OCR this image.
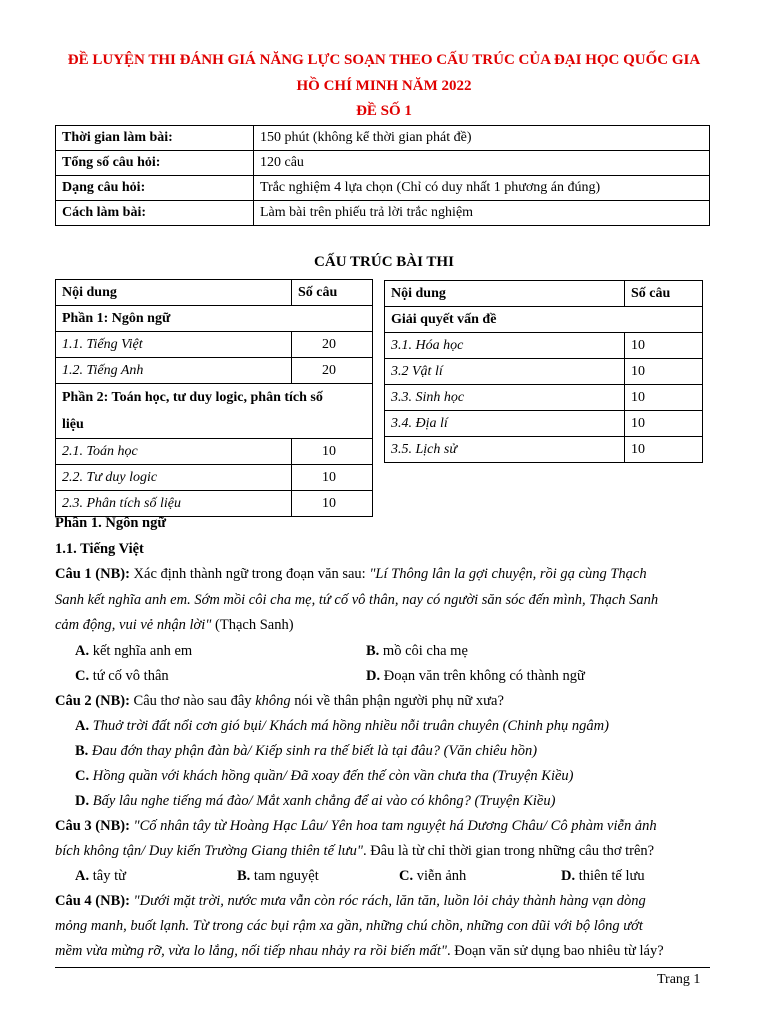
ĐỀ LUYỆN THI ĐÁNH GIÁ NĂNG LỰC SOẠN THEO CẤU TRÚC CỦA ĐẠI HỌC QUỐC GIA
HỒ CHÍ MINH NĂM 2022
ĐỀ SỐ 1
Thời gian làm bài:	150 phút (không kể thời gian phát đề)
Tổng số câu hỏi:	120 câu
Dạng câu hỏi:	Trắc nghiệm 4 lựa chọn (Chỉ có duy nhất 1 phương án đúng)
Cách làm bài:	Làm bài trên phiếu trả lời trắc nghiệm
CẤU TRÚC BÀI THI
Nội dung	Số câu
Phần 1: Ngôn ngữ	
1.1. Tiếng Việt	20
1.2. Tiếng Anh	20

Phần 2: Toán học, tư duy logic, phân tích số
liệu	

2.1. Toán học	10
2.2. Tư duy logic	10
2.3. Phân tích số liệu	10
Nội dung	Số câu
Giải quyết vấn đề	
3.1. Hóa học	10
3.2 Vật lí	10
3.3. Sinh học	10
3.4. Địa lí	10
3.5. Lịch sử	10
Phần 1. Ngôn ngữ
1.1. Tiếng Việt
Câu 1 (NB): Xác định thành ngữ trong đoạn văn sau: "Lí Thông lân la gợi chuyện, rồi gạ cùng Thạch
Sanh kết nghĩa anh em. Sớm mồi côi cha mẹ, tứ cố vô thân, nay có người săn sóc đến mình, Thạch Sanh
cảm động, vui vẻ nhận lời" (Thạch Sanh)
A. kết nghĩa anh em	B. mồ côi cha mẹ
C. tứ cố vô thân	D. Đoạn văn trên không có thành ngữ
Câu 2 (NB): Câu thơ nào sau đây không nói về thân phận người phụ nữ xưa?
A. Thuở trời đất nổi cơn gió bụi/ Khách má hồng nhiều nỗi truân chuyên (Chinh phụ ngâm)
B. Đau đớn thay phận đàn bà/ Kiếp sinh ra thế biết là tại đâu? (Văn chiêu hồn)
C. Hồng quần với khách hồng quần/ Đã xoay đến thế còn vần chưa tha (Truyện Kiều)
D. Bấy lâu nghe tiếng má đào/ Mắt xanh chẳng để ai vào có không? (Truyện Kiều)
Câu 3 (NB): "Cố nhân tây từ Hoàng Hạc Lâu/ Yên hoa tam nguyệt há Dương Châu/ Cô phàm viễn ảnh
bích không tận/ Duy kiến Trường Giang thiên tế lưu". Đâu là từ chỉ thời gian trong những câu thơ trên?
A. tây từ	B. tam nguyệt	C. viễn ảnh	D. thiên tế lưu
Câu 4 (NB): "Dưới mặt trời, nước mưa vẫn còn róc rách, lăn tăn, luồn lỏi chảy thành hàng vạn dòng
mỏng manh, buốt lạnh. Từ trong các bụi rậm xa gần, những chú chồn, những con dũi với bộ lông ướt
mềm vừa mừng rỡ, vừa lo lắng, nối tiếp nhau nhảy ra rồi biến mất". Đoạn văn sử dụng bao nhiêu từ láy?
Trang 1
